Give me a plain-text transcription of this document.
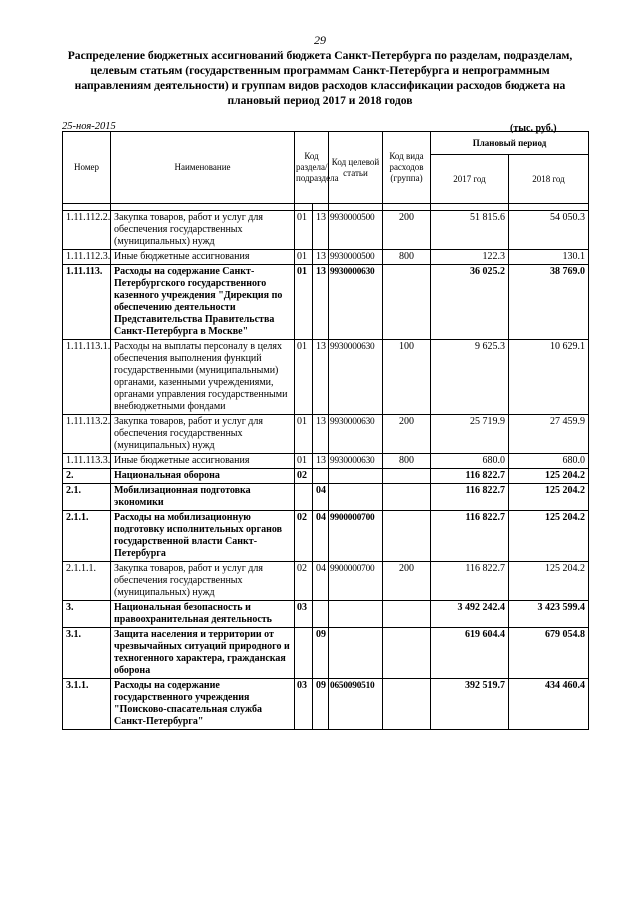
29
Распределение бюджетных ассигнований бюджета Санкт-Петербурга по разделам, подразделам, целевым статьям (государственным программам Санкт-Петербурга и непрограммным направлениям деятельности) и группам видов расходов классификации расходов бюджета на плановый период 2017 и 2018 годов
25-ноя-2015	(тыс. руб.)
Номер	Наименование	Код раздела/ подраздела		Код целевой статьи	Код вида расходов (группа)	Плановый период	
						2017 год	2018 год

1.11.112.2.	Закупка товаров, работ и услуг для обеспечения государственных (муниципальных) нужд	01	13	9930000500	200	51 815.6	54 050.3
1.11.112.3.	Иные бюджетные ассигнования	01	13	9930000500	800	122.3	130.1
1.11.113.	Расходы на содержание Санкт-Петербургского государственного казенного учреждения "Дирекция по обеспечению деятельности Представительства Правительства Санкт-Петербурга в Москве"	01	13	9930000630		36 025.2	38 769.0
1.11.113.1.	Расходы на выплаты персоналу в целях обеспечения выполнения функций государственными (муниципальными) органами, казенными учреждениями, органами управления государственными внебюджетными фондами	01	13	9930000630	100	9 625.3	10 629.1
1.11.113.2.	Закупка товаров, работ и услуг для обеспечения государственных (муниципальных) нужд	01	13	9930000630	200	25 719.9	27 459.9
1.11.113.3.	Иные бюджетные ассигнования	01	13	9930000630	800	680.0	680.0
2.	Национальная оборона	02				116 822.7	125 204.2
2.1.	Мобилизационная подготовка экономики		04			116 822.7	125 204.2
2.1.1.	Расходы на мобилизационную подготовку исполнительных органов государственной власти Санкт-Петербурга	02	04	9900000700		116 822.7	125 204.2
2.1.1.1.	Закупка товаров, работ и услуг для обеспечения государственных (муниципальных) нужд	02	04	9900000700	200	116 822.7	125 204.2
3.	Национальная безопасность и правоохранительная деятельность	03				3 492 242.4	3 423 599.4
3.1.	Защита населения и территории от чрезвычайных ситуаций природного и техногенного характера, гражданская оборона		09			619 604.4	679 054.8
3.1.1.	Расходы на содержание государственного учреждения "Поисково-спасательная служба Санкт-Петербурга"	03	09	0650090510		392 519.7	434 460.4
